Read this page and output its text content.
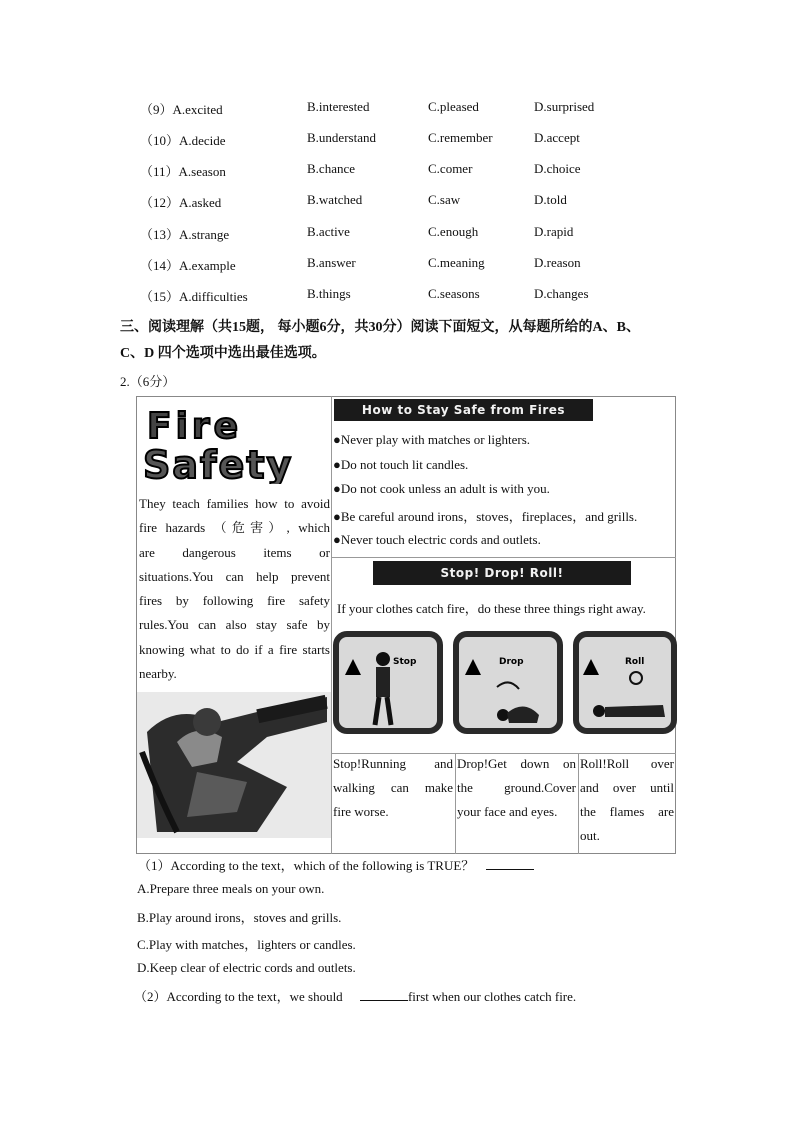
（9）A.excited	B.interested	C.pleased	D.surprised
（10）A.decide	B.understand	C.remember	D.accept
（11）A.season	B.chance	C.comer	D.choice
（12）A.asked	B.watched	C.saw	D.told
（13）A.strange	B.active	C.enough	D.rapid
（14）A.example	B.answer	C.meaning	D.reason
（15）A.difficulties	B.things	C.seasons	D.changes
三、阅读理解（共15题， 每小题6分，共30分）阅读下面短文，从每题所给的A、B、
C、D 四个选项中选出最佳选项。
2.（6分）
Fire
Safety
They teach families how to avoid
fire hazards （危害）, which
are dangerous items or
situations.You can help prevent
fires by following fire safety
rules.You can also stay safe by
knowing what to do if a fire starts
nearby.
How to Stay Safe from Fires
●Never play with matches or lighters.
●Do not touch lit candles.
●Do not cook unless an adult is with you.
●Be careful around irons，stoves，fireplaces，and grills.
●Never touch electric cords and outlets.
Stop! Drop! Roll!
If your clothes catch fire，do these three things right away.
Stop	Drop	Roll
Stop!Running and
walking can make
fire worse.
Drop!Get down on
the ground.Cover
your face and eyes.
Roll!Roll over
and over until
the flames are
out.
（1）According to the text，which of the following is TRUE？
A.Prepare three meals on your own.
B.Play around irons，stoves and grills.
C.Play with matches，lighters or candles.
D.Keep clear of electric cords and outlets.
（2）According to the text，we should	first when our clothes catch fire.
